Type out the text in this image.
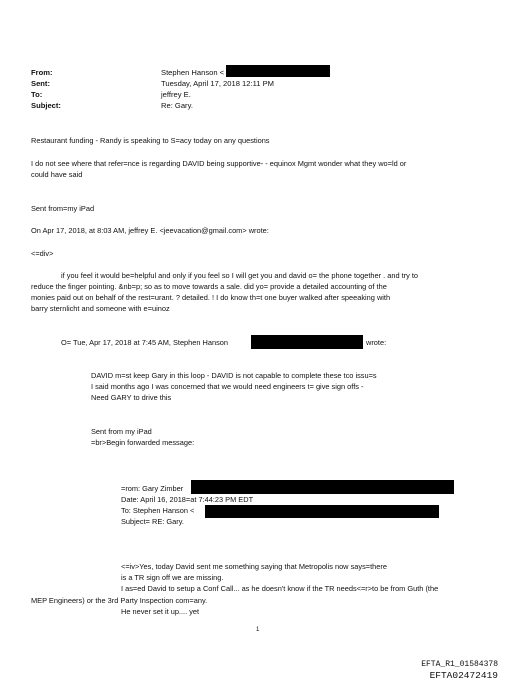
From:	Stephen Hanson <
Sent:	Tuesday, April 17, 2018 12:11 PM
To:	jeffrey E.
Subject:	Re: Gary.
Restaurant funding - Randy is speaking to S=acy today on any questions
I do not see where that refer=nce is regarding DAVID being supportive- - equinox Mgmt wonder what they wo=ld or
could have said
Sent from=my iPad
On Apr 17, 2018, at 8:03 AM, jeffrey E. <jeevacation@gmail.com> wrote:
<=div>
if you feel it would be=helpful and only if you feel so I will get you and david o= the phone together . and try to
reduce the finger pointing. &nb=p; so as to move towards a sale. did yo= provide a detailed accounting of the
monies paid out on behalf of the rest=urant. ? detailed. ! I do know th=t one buyer walked after speeaking with
barry sternlicht and someone with e=uinoz
O= Tue, Apr 17, 2018 at 7:45 AM, Stephen Hanson	wrote:
DAVID m=st keep Gary in this loop - DAVID is not capable to complete these tco issu=s
I said months ago I was concerned that we would need engineers t= give sign offs -
Need GARY to drive this
Sent from my iPad
=br>Begin forwarded message:
=rom: Gary Zimber
Date: April 16, 2018=at 7:44:23 PM EDT
To: Stephen Hanson <
Subject= RE: Gary.
<=iv>Yes, today David sent me something saying that Metropolis now says=there
is a TR sign off we are missing.
I as=ed David to setup a Conf Call... as he doesn't know if the TR needs<=r>to be from Guth (the
MEP Engineers) or the 3rd Party Inspection com=any.
He never set it up.... yet
1
EFTA_R1_01584378
EFTA02472419
